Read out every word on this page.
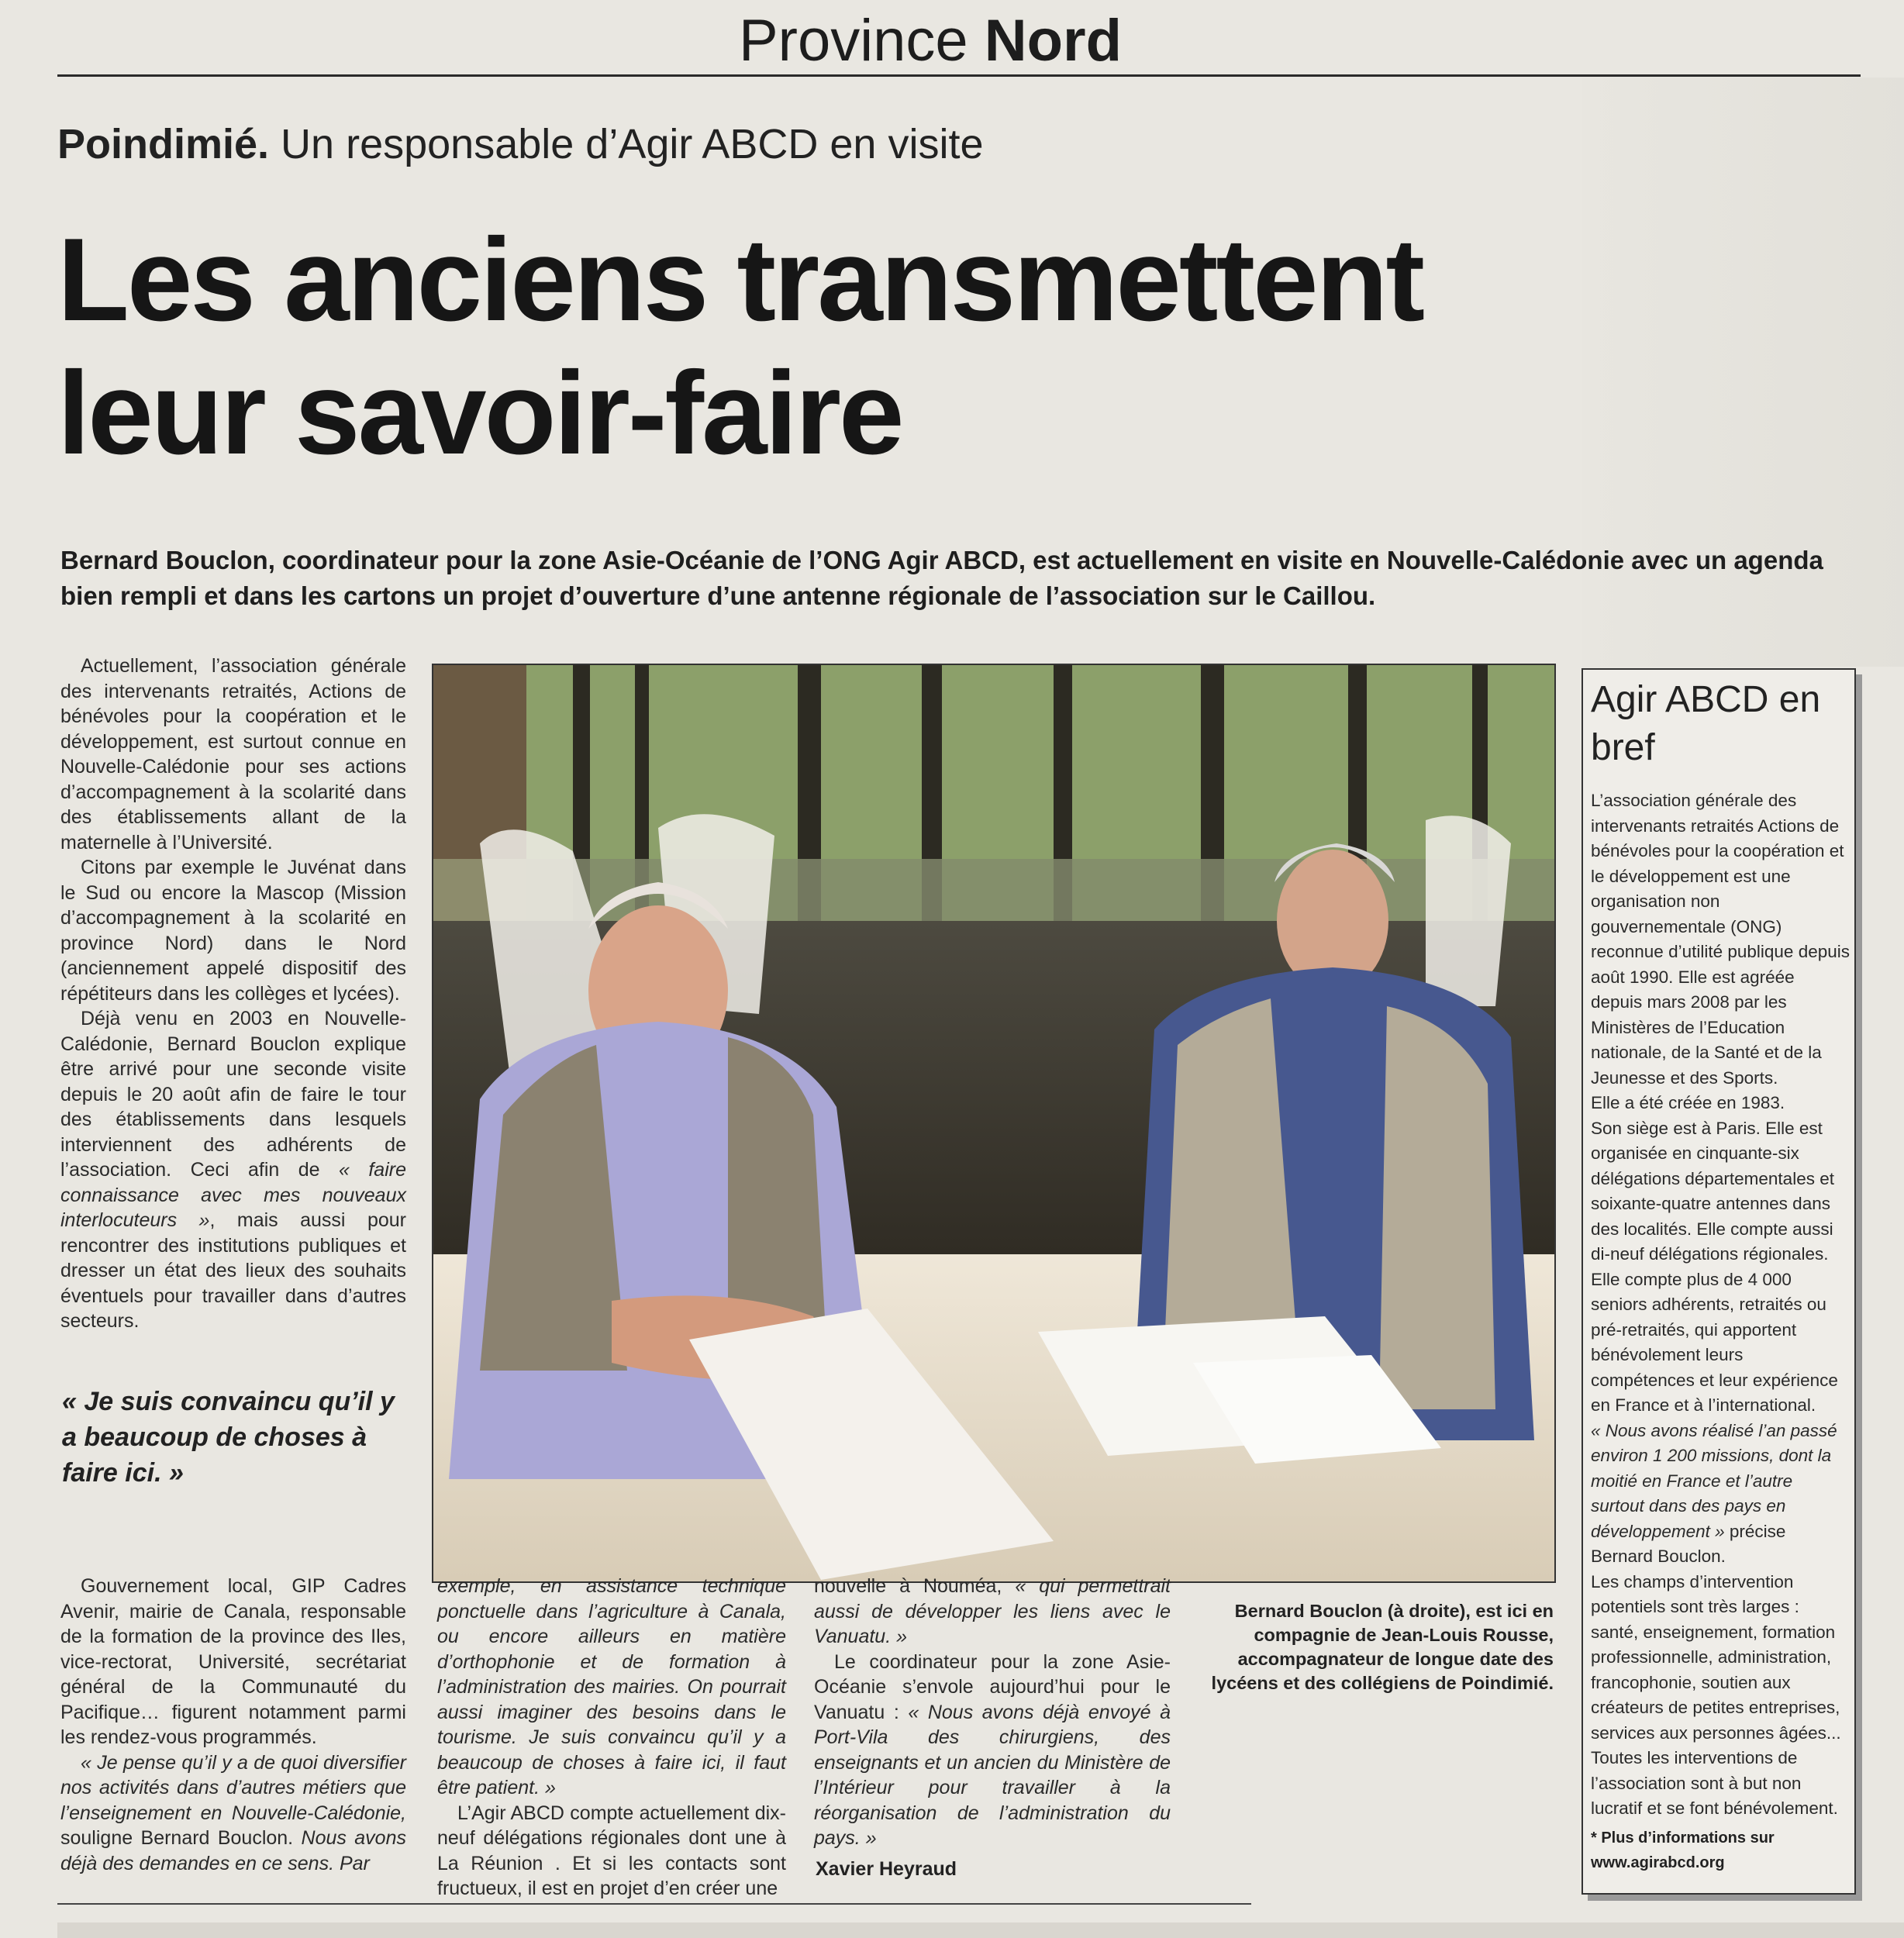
Province Nord
Poindimié. Un responsable d’Agir ABCD en visite
Les anciens transmettent
leur savoir-faire
Bernard Bouclon, coordinateur pour la zone Asie-Océanie de l’ONG Agir ABCD, est actuellement en visite en Nouvelle-Calédonie avec un agenda bien rempli et dans les cartons un projet d’ouverture d’une antenne régionale de l’association sur le Caillou.

Actuellement, l’association générale des intervenants retraités, Actions de bénévoles pour la coopération et le développement, est surtout connue en Nouvelle-Calédonie pour ses actions d’accompagnement à la scolarité dans des établissements allant de la maternelle à l’Université.

Citons par exemple le Juvénat dans le Sud ou encore la Mascop (Mission d’accompagnement à la scolarité en province Nord) dans le Nord (anciennement appelé dispositif des répétiteurs dans les collèges et lycées).

Déjà venu en 2003 en Nouvelle-Calédonie, Bernard Bouclon explique être arrivé pour une seconde visite depuis le 20 août afin de faire le tour des établissements dans lesquels interviennent des adhérents de l’association. Ceci afin de « faire connaissance avec mes nouveaux interlocuteurs », mais aussi pour rencontrer des institutions publiques et dresser un état des lieux des souhaits éventuels pour travailler dans d’autres secteurs.

« Je suis convaincu qu’il y a beaucoup de choses à faire ici. »
Bernard Bouclon (à droite), est ici en compagnie de Jean-Louis Rousse, accompagnateur de longue date des lycéens et des collégiens de Poindimié.
Agir ABCD en bref

L’association générale des intervenants retraités Actions de bénévoles pour la coopération et le développement est une organisation non gouvernementale (ONG) reconnue d’utilité publique depuis août 1990. Elle est agréée depuis mars 2008 par les Ministères de l’Education nationale, de la Santé et de la Jeunesse et des Sports.

Elle a été créée en 1983.

Son siège est à Paris. Elle est organisée en cinquante-six délégations départementales et soixante-quatre antennes dans des localités. Elle compte aussi di-neuf délégations régionales.

Elle compte plus de 4 000 seniors adhérents, retraités ou pré-retraités, qui apportent bénévolement leurs compétences et leur expérience en France et à l’international.

« Nous avons réalisé l’an passé environ 1 200 missions, dont la moitié en France et l’autre surtout dans des pays en développement » précise Bernard Bouclon.

Les champs d’intervention potentiels sont très larges : santé, enseignement, formation professionnelle, administration, francophonie, soutien aux créateurs de petites entreprises, services aux personnes âgées...

Toutes les interventions de l’association sont à but non lucratif et se font bénévolement.

* Plus d’informations sur
www.agirabcd.org

Gouvernement local, GIP Cadres Avenir, mairie de Canala, responsable de la formation de la province des Iles, vice-rectorat, Université, secrétariat général de la Communauté du Pacifique… figurent notamment parmi les rendez-vous programmés.

« Je pense qu’il y a de quoi diversifier nos activités dans d’autres métiers que l’enseignement en Nouvelle-Calédonie, souligne Bernard Bouclon. Nous avons déjà des demandes en ce sens. Par

exemple, en assistance technique ponctuelle dans l’agriculture à Canala, ou encore ailleurs en matière d’orthophonie et de formation à l’administration des mairies. On pourrait aussi imaginer des besoins dans le tourisme. Je suis convaincu qu’il y a beaucoup de choses à faire ici, il faut être patient. »

L’Agir ABCD compte actuellement dix-neuf délégations régionales dont une à La Réunion . Et si les contacts sont fructueux, il est en projet d’en créer une

nouvelle à Nouméa, « qui permettrait aussi de développer les liens avec le Vanuatu. »

Le coordinateur pour la zone Asie-Océanie s’envole aujourd’hui pour le Vanuatu : « Nous avons déjà envoyé à Port-Vila des chirurgiens, des enseignants et un ancien du Ministère de l’Intérieur pour travailler à la réorganisation de l’administration du pays. »

Xavier Heyraud
